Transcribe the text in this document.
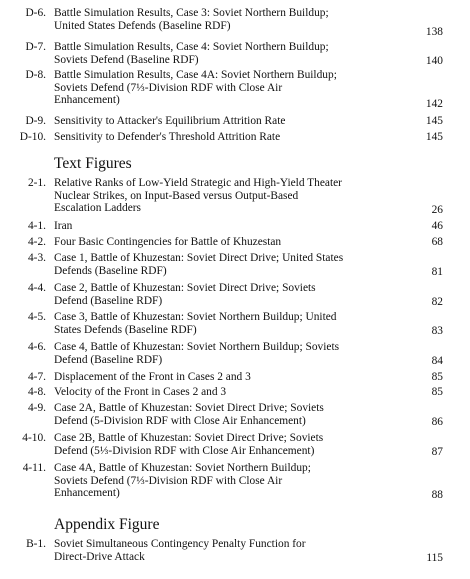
D-6. Battle Simulation Results, Case 3: Soviet Northern Buildup;
United States Defends (Baseline RDF)
138
D-7. Battle Simulation Results, Case 4: Soviet Northern Buildup;
Soviets Defend (Baseline RDF)	140
D-8. Battle Simulation Results, Case 4A: Soviet Northern Buildup;
Soviets Defend (7⅓-Division RDF with Close Air
Enhancement)	142
D-9. Sensitivity to Attacker's Equilibrium Attrition Rate	145
D-10. Sensitivity to Defender's Threshold Attrition Rate	145
Text Figures
2-1. Relative Ranks of Low-Yield Strategic and High-Yield Theater
Nuclear Strikes, on Input-Based versus Output-Based
Escalation Ladders	26
4-1. Iran	46
4-2. Four Basic Contingencies for Battle of Khuzestan	68
4-3. Case 1, Battle of Khuzestan: Soviet Direct Drive; United States
Defends (Baseline RDF)	81
4-4. Case 2, Battle of Khuzestan: Soviet Direct Drive; Soviets
Defend (Baseline RDF)	82
4-5. Case 3, Battle of Khuzestan: Soviet Northern Buildup; United
States Defends (Baseline RDF)	83
4-6. Case 4, Battle of Khuzestan: Soviet Northern Buildup; Soviets
Defend (Baseline RDF)	84
4-7. Displacement of the Front in Cases 2 and 3	85
4-8. Velocity of the Front in Cases 2 and 3	85
4-9. Case 2A, Battle of Khuzestan: Soviet Direct Drive; Soviets
Defend (5-Division RDF with Close Air Enhancement)	86
4-10. Case 2B, Battle of Khuzestan: Soviet Direct Drive; Soviets
Defend (5⅓-Division RDF with Close Air Enhancement)	87
4-11. Case 4A, Battle of Khuzestan: Soviet Northern Buildup;
Soviets Defend (7⅓-Division RDF with Close Air
Enhancement)	88
Appendix Figure
B-1. Soviet Simultaneous Contingency Penalty Function for
Direct-Drive Attack	115
